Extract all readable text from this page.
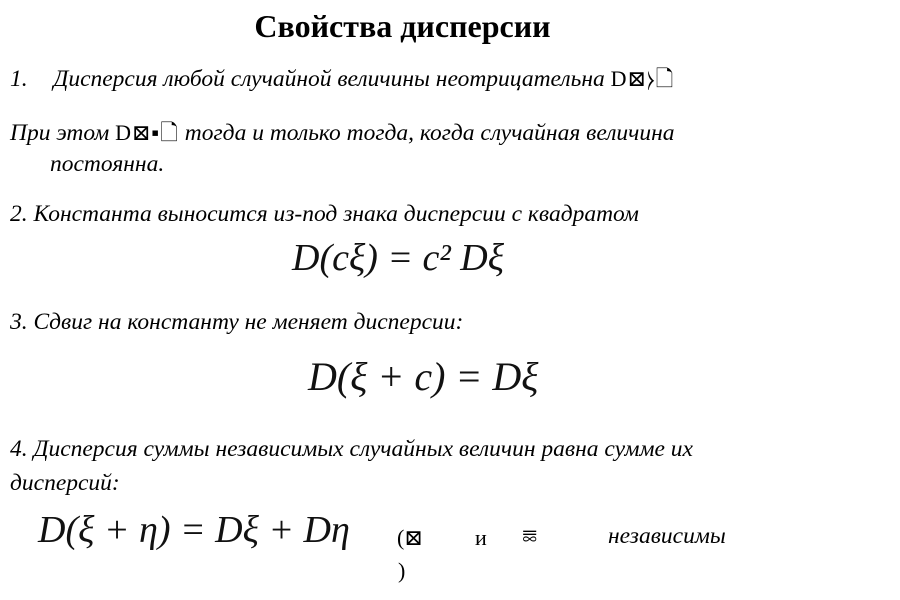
Свойства дисперсии
1. Дисперсия любой случайной величины неотрицательна D⊠⧽🗋
При этом D⊠▪🗋 тогда и только тогда, когда случайная величина
постоянна.
2. Константа выносится из-под знака дисперсии с квадратом
D(cξ) = c² Dξ
3. Сдвиг на константу не меняет дисперсии:
D(ξ + c) = Dξ
4. Дисперсия суммы независимых случайных величин равна сумме их
дисперсий:
D(ξ + η) = Dξ + Dη (⊠ и ⯹	независимы
)
